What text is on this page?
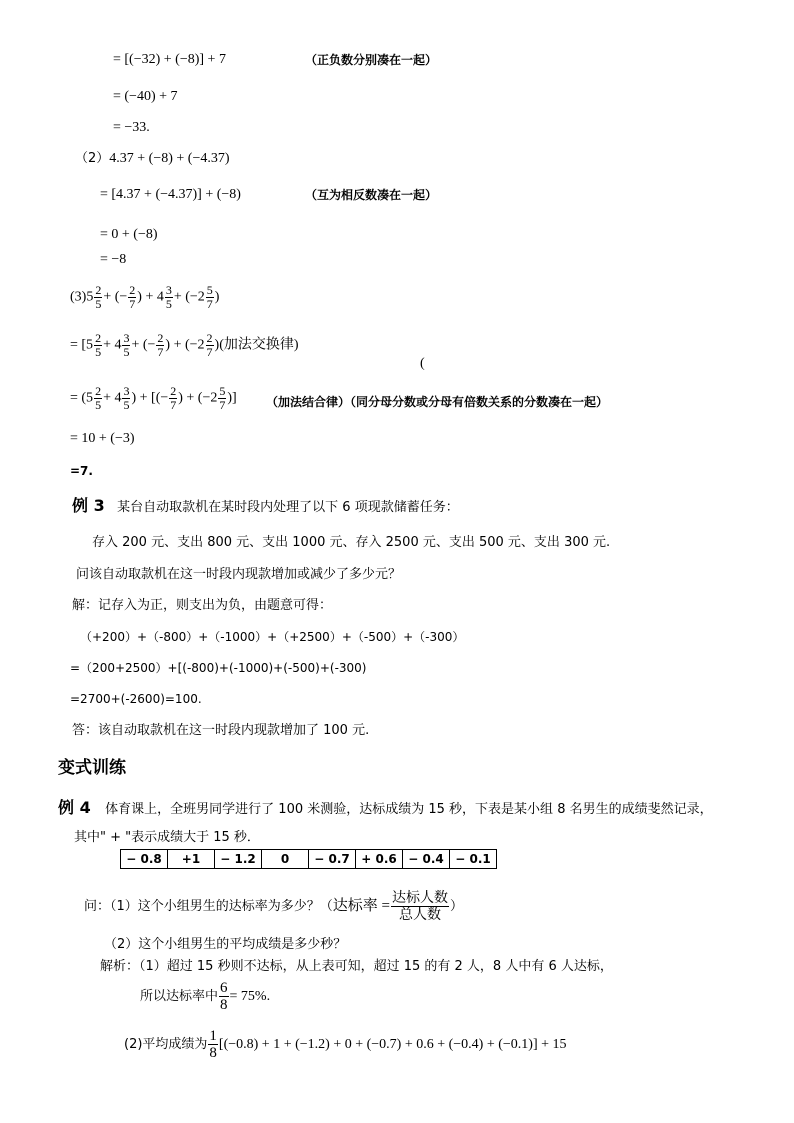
= [(−32) + (−8)] + 7	（正负数分别凑在一起）
= (−40) + 7
= −33.
（2）4.37 + (−8) + (−4.37)
= [4.37 + (−4.37)] + (−8)	（互为相反数凑在一起）
= 0 + (−8)
= −8
$(3)5 \frac{2}{5}$ + (− $\frac{2}{7}$ ) + $4 \frac{3}{5} + (-2 \frac{5}{7}$ )
= [$5 \frac{2}{5} + 4 \frac{3}{5}$ + (− $\frac{2}{7}$ ) + ($-2 \frac{2}{7}$ )(加法交换律)
(
= ($5 \frac{2}{5} + 4 \frac{3}{5}$ ) + [(− $\frac{2}{7}$ ) + ($-2 \frac{5}{7}$ )] （加法结合律）（同分母分数或分母有倍数关系的分数凑在一起）
= 10 + (−3)
=7.
例 3 某台自动取款机在某时段内处理了以下 6 项现款储蓄任务：
存入 200 元、支出 800 元、支出 1000 元、存入 2500 元、支出 500 元、支出 300 元.
问该自动取款机在这一时段内现款增加或减少了多少元？
解：记存入为正，则支出为负，由题意可得：
（+200）+（-800）+（-1000）+（+2500）+（-500）+（-300）
=（200+2500）+[(-800)+(-1000)+(-500)+(-300)
=2700+(-2600)=100.
答：该自动取款机在这一时段内现款增加了 100 元.
变式训练
例 4 体育课上，全班男同学进行了 100 米测验，达标成绩为 15 秒，下表是某小组 8 名男生的成绩斐然记录，
其中" + "表示成绩大于 15 秒．
− 0.8	+1	− 1.2	0	− 0.7	+ 0.6	− 0.4	− 0.1
问：（1）这个小组男生的达标率为多少？（达标率 = $\frac{\text{达标人数}}{\text{总人数}}$ ）
（2）这个小组男生的平均成绩是多少秒？
解析：（1）超过 15 秒则不达标，从上表可知，超过 15 的有 2 人，8 人中有 6 人达标，
所以达标率中 $\frac{6}{8} = 75\%$.
(2)平均成绩为 $\frac{1}{8} [(-0.8) + 1 + (-1.2) + 0 + (-0.7) + 0.6 + (-0.4) + (-0.1)] + 15$
